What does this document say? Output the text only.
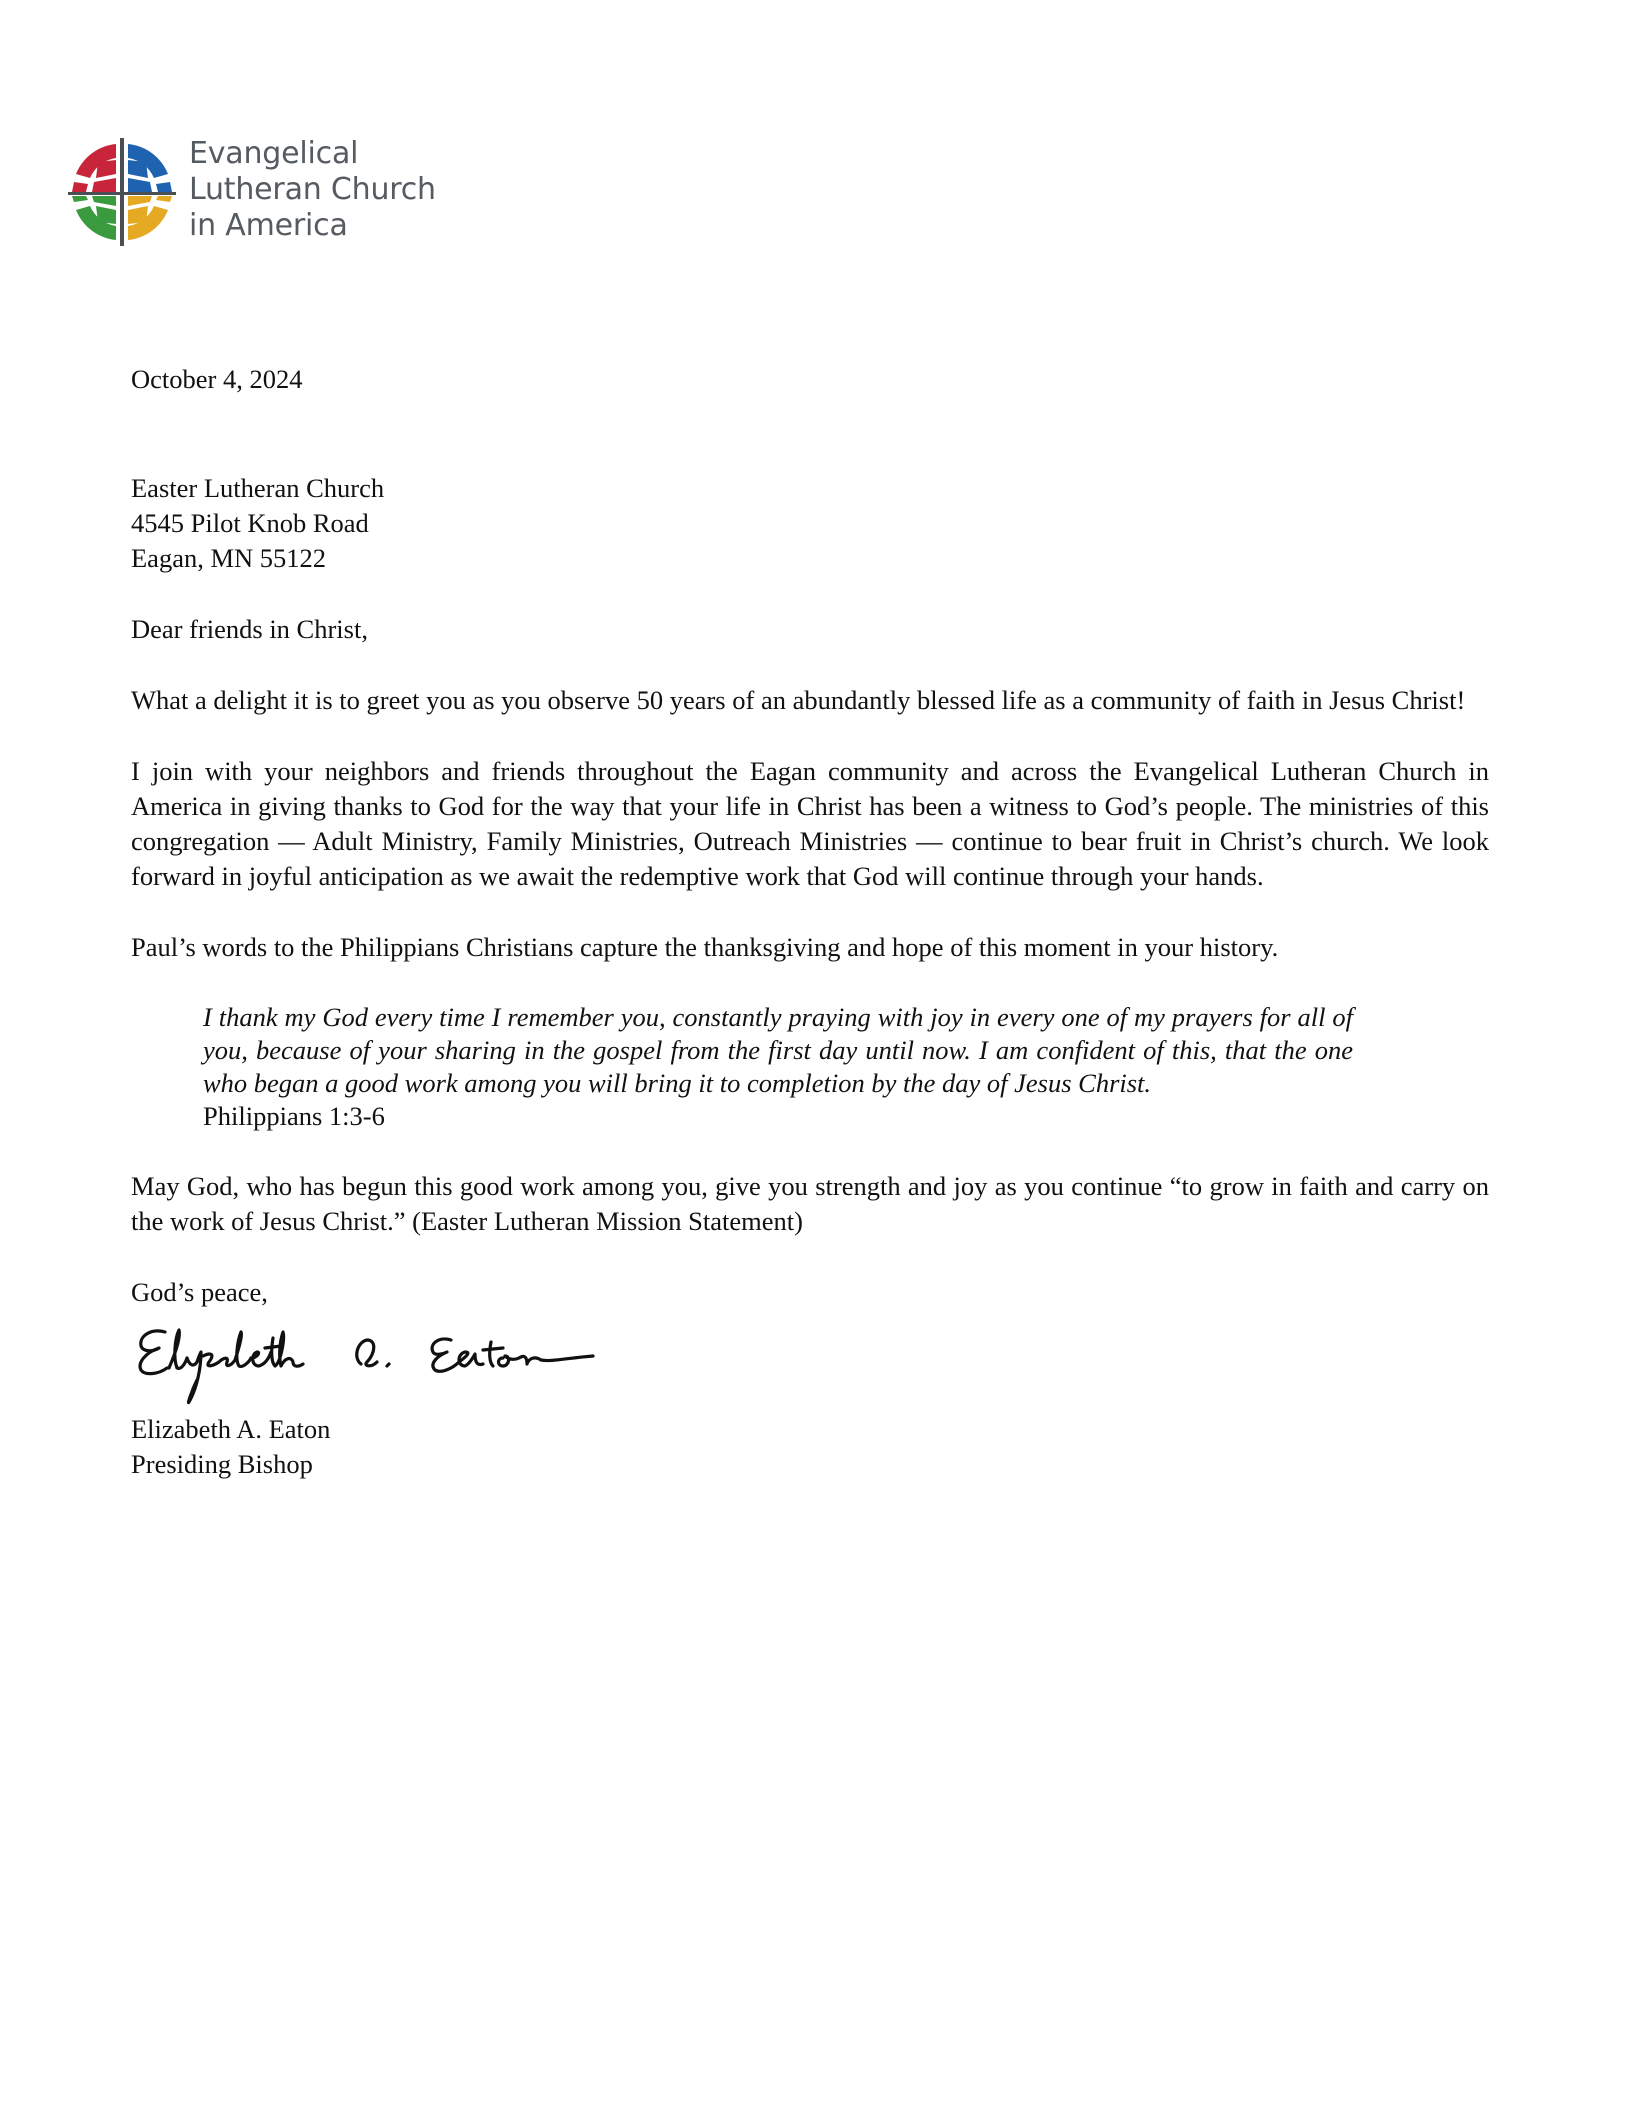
Evangelical
Lutheran Church
in America

October 4, 2024

Easter Lutheran Church
4545 Pilot Knob Road
Eagan, MN 55122

Dear friends in Christ,

What a delight it is to greet you as you observe 50 years of an abundantly blessed life as a community of faith in Jesus Christ!

I join with your neighbors and friends throughout the Eagan community and across the Evangelical Lutheran Church in America in giving thanks to God for the way that your life in Christ has been a witness to God’s people. The ministries of this congregation — Adult Ministry, Family Ministries, Outreach Ministries — continue to bear fruit in Christ’s church. We look forward in joyful anticipation as we await the redemptive work that God will continue through your hands.

Paul’s words to the Philippians Christians capture the thanksgiving and hope of this moment in your history.

I thank my God every time I remember you, constantly praying with joy in every one of my prayers for all of you, because of your sharing in the gospel from the first day until now. I am confident of this, that the one who began a good work among you will bring it to completion by the day of Jesus Christ.
Philippians 1:3-6

May God, who has begun this good work among you, give you strength and joy as you continue “to grow in faith and carry on the work of Jesus Christ.” (Easter Lutheran Mission Statement)

God’s peace,

Elizabeth A. Eaton

Presiding Bishop
